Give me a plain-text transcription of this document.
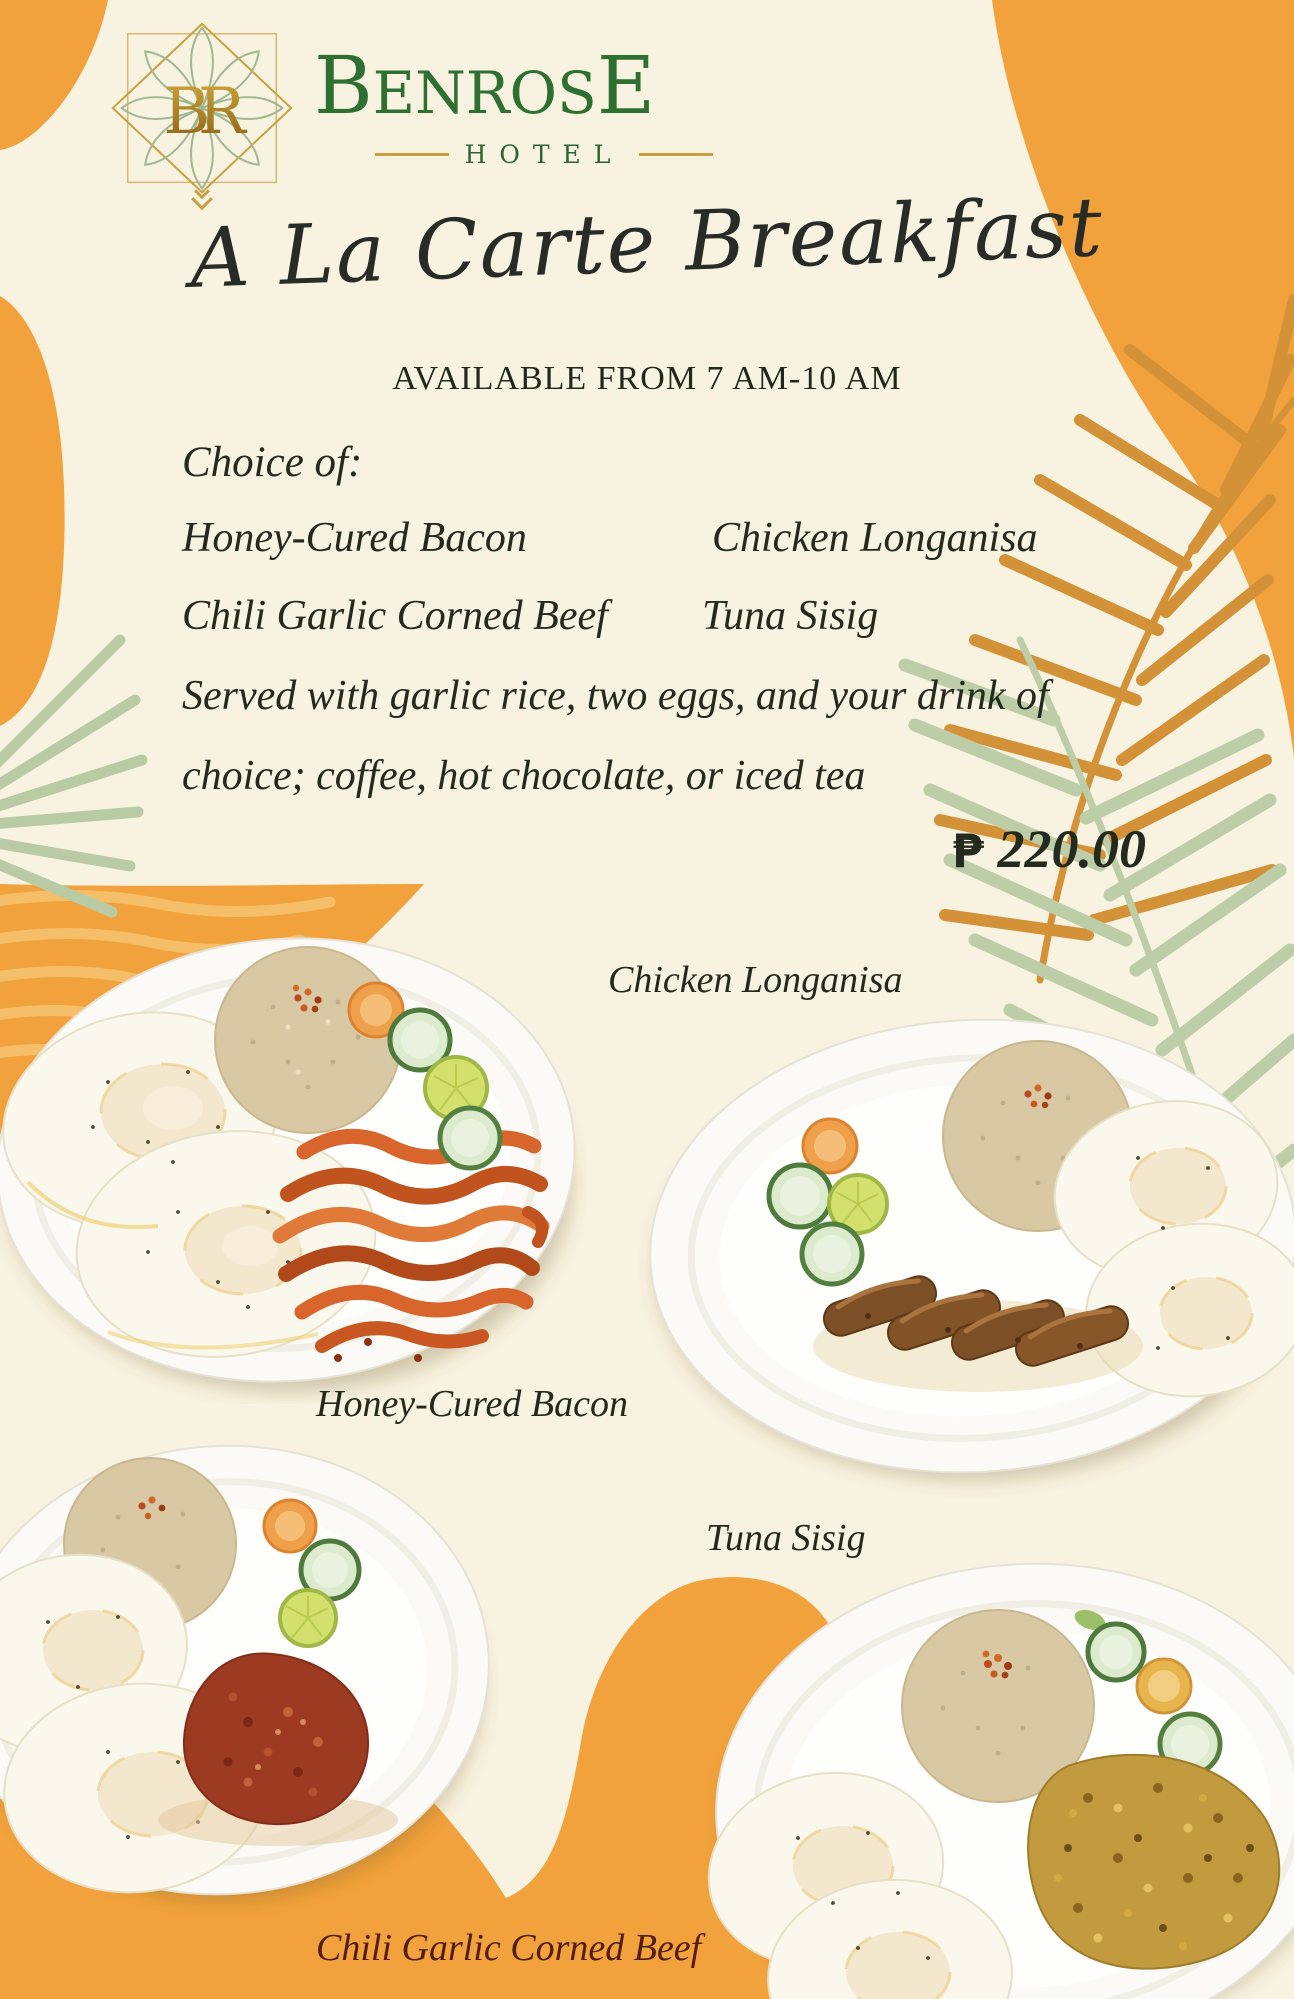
BR BENROSE
HOTEL
A La Carte Breakfast
AVAILABLE FROM 7 AM-10 AM
Choice of:
Honey-Cured Bacon	Chicken Longanisa
Chili Garlic Corned Beef Tuna Sisig
Served with garlic rice, two eggs, and your drink of
choice; coffee, hot chocolate, or iced tea
₱ 220.00
Chicken Longanisa
Honey-Cured Bacon
Tuna Sisig
Chili Garlic Corned Beef
